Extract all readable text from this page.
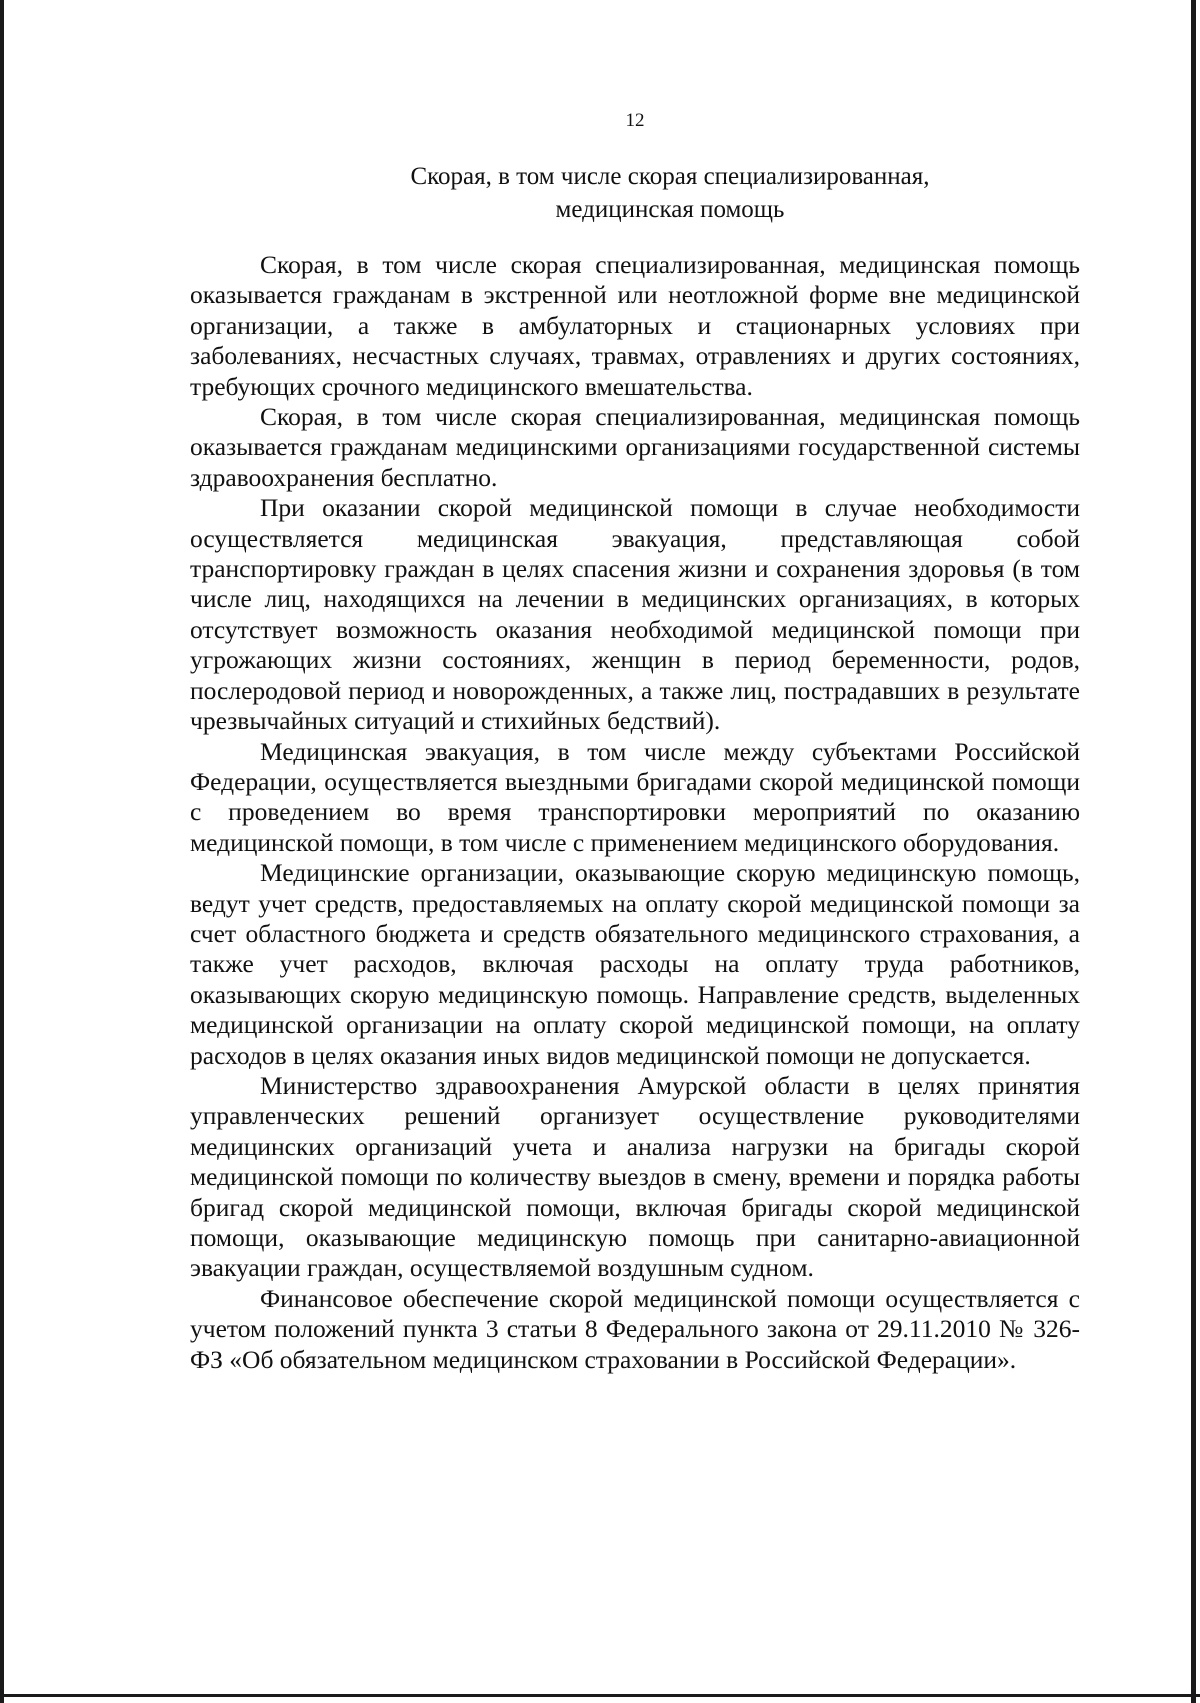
12
Скорая, в том числе скорая специализированная,
медицинская помощь

Скорая, в том числе скорая специализированная, медицинская помощь оказывается гражданам в экстренной или неотложной форме вне медицинской организации, а также в амбулаторных и стационарных условиях при заболеваниях, несчастных случаях, травмах, отравлениях и других состояниях, требующих срочного медицинского вмешательства.

Скорая, в том числе скорая специализированная, медицинская помощь оказывается гражданам медицинскими организациями государственной системы здравоохранения бесплатно.

При оказании скорой медицинской помощи в случае необходимости осуществляется медицинская эвакуация, представляющая собой транспортировку граждан в целях спасения жизни и сохранения здоровья (в том числе лиц, находящихся на лечении в медицинских организациях, в которых отсутствует возможность оказания необходимой медицинской помощи при угрожающих жизни состояниях, женщин в период беременности, родов, послеродовой период и новорожденных, а также лиц, пострадавших в результате чрезвычайных ситуаций и стихийных бедствий).

Медицинская эвакуация, в том числе между субъектами Российской Федерации, осуществляется выездными бригадами скорой медицинской помощи с проведением во время транспортировки мероприятий по оказанию медицинской помощи, в том числе с применением медицинского оборудования.

Медицинские организации, оказывающие скорую медицинскую помощь, ведут учет средств, предоставляемых на оплату скорой медицинской помощи за счет областного бюджета и средств обязательного медицинского страхования, а также учет расходов, включая расходы на оплату труда работников, оказывающих скорую медицинскую помощь. Направление средств, выделенных медицинской организации на оплату скорой медицинской помощи, на оплату расходов в целях оказания иных видов медицинской помощи не допускается.

Министерство здравоохранения Амурской области в целях принятия управленческих решений организует осуществление руководителями медицинских организаций учета и анализа нагрузки на бригады скорой медицинской помощи по количеству выездов в смену, времени и порядка работы бригад скорой медицинской помощи, включая бригады скорой медицинской помощи, оказывающие медицинскую помощь при санитарно-авиационной эвакуации граждан, осуществляемой воздушным судном.

Финансовое обеспечение скорой медицинской помощи осуществляется с учетом положений пункта 3 статьи 8 Федерального закона от 29.11.2010 № 326-ФЗ «Об обязательном медицинском страховании в Российской Федерации».
